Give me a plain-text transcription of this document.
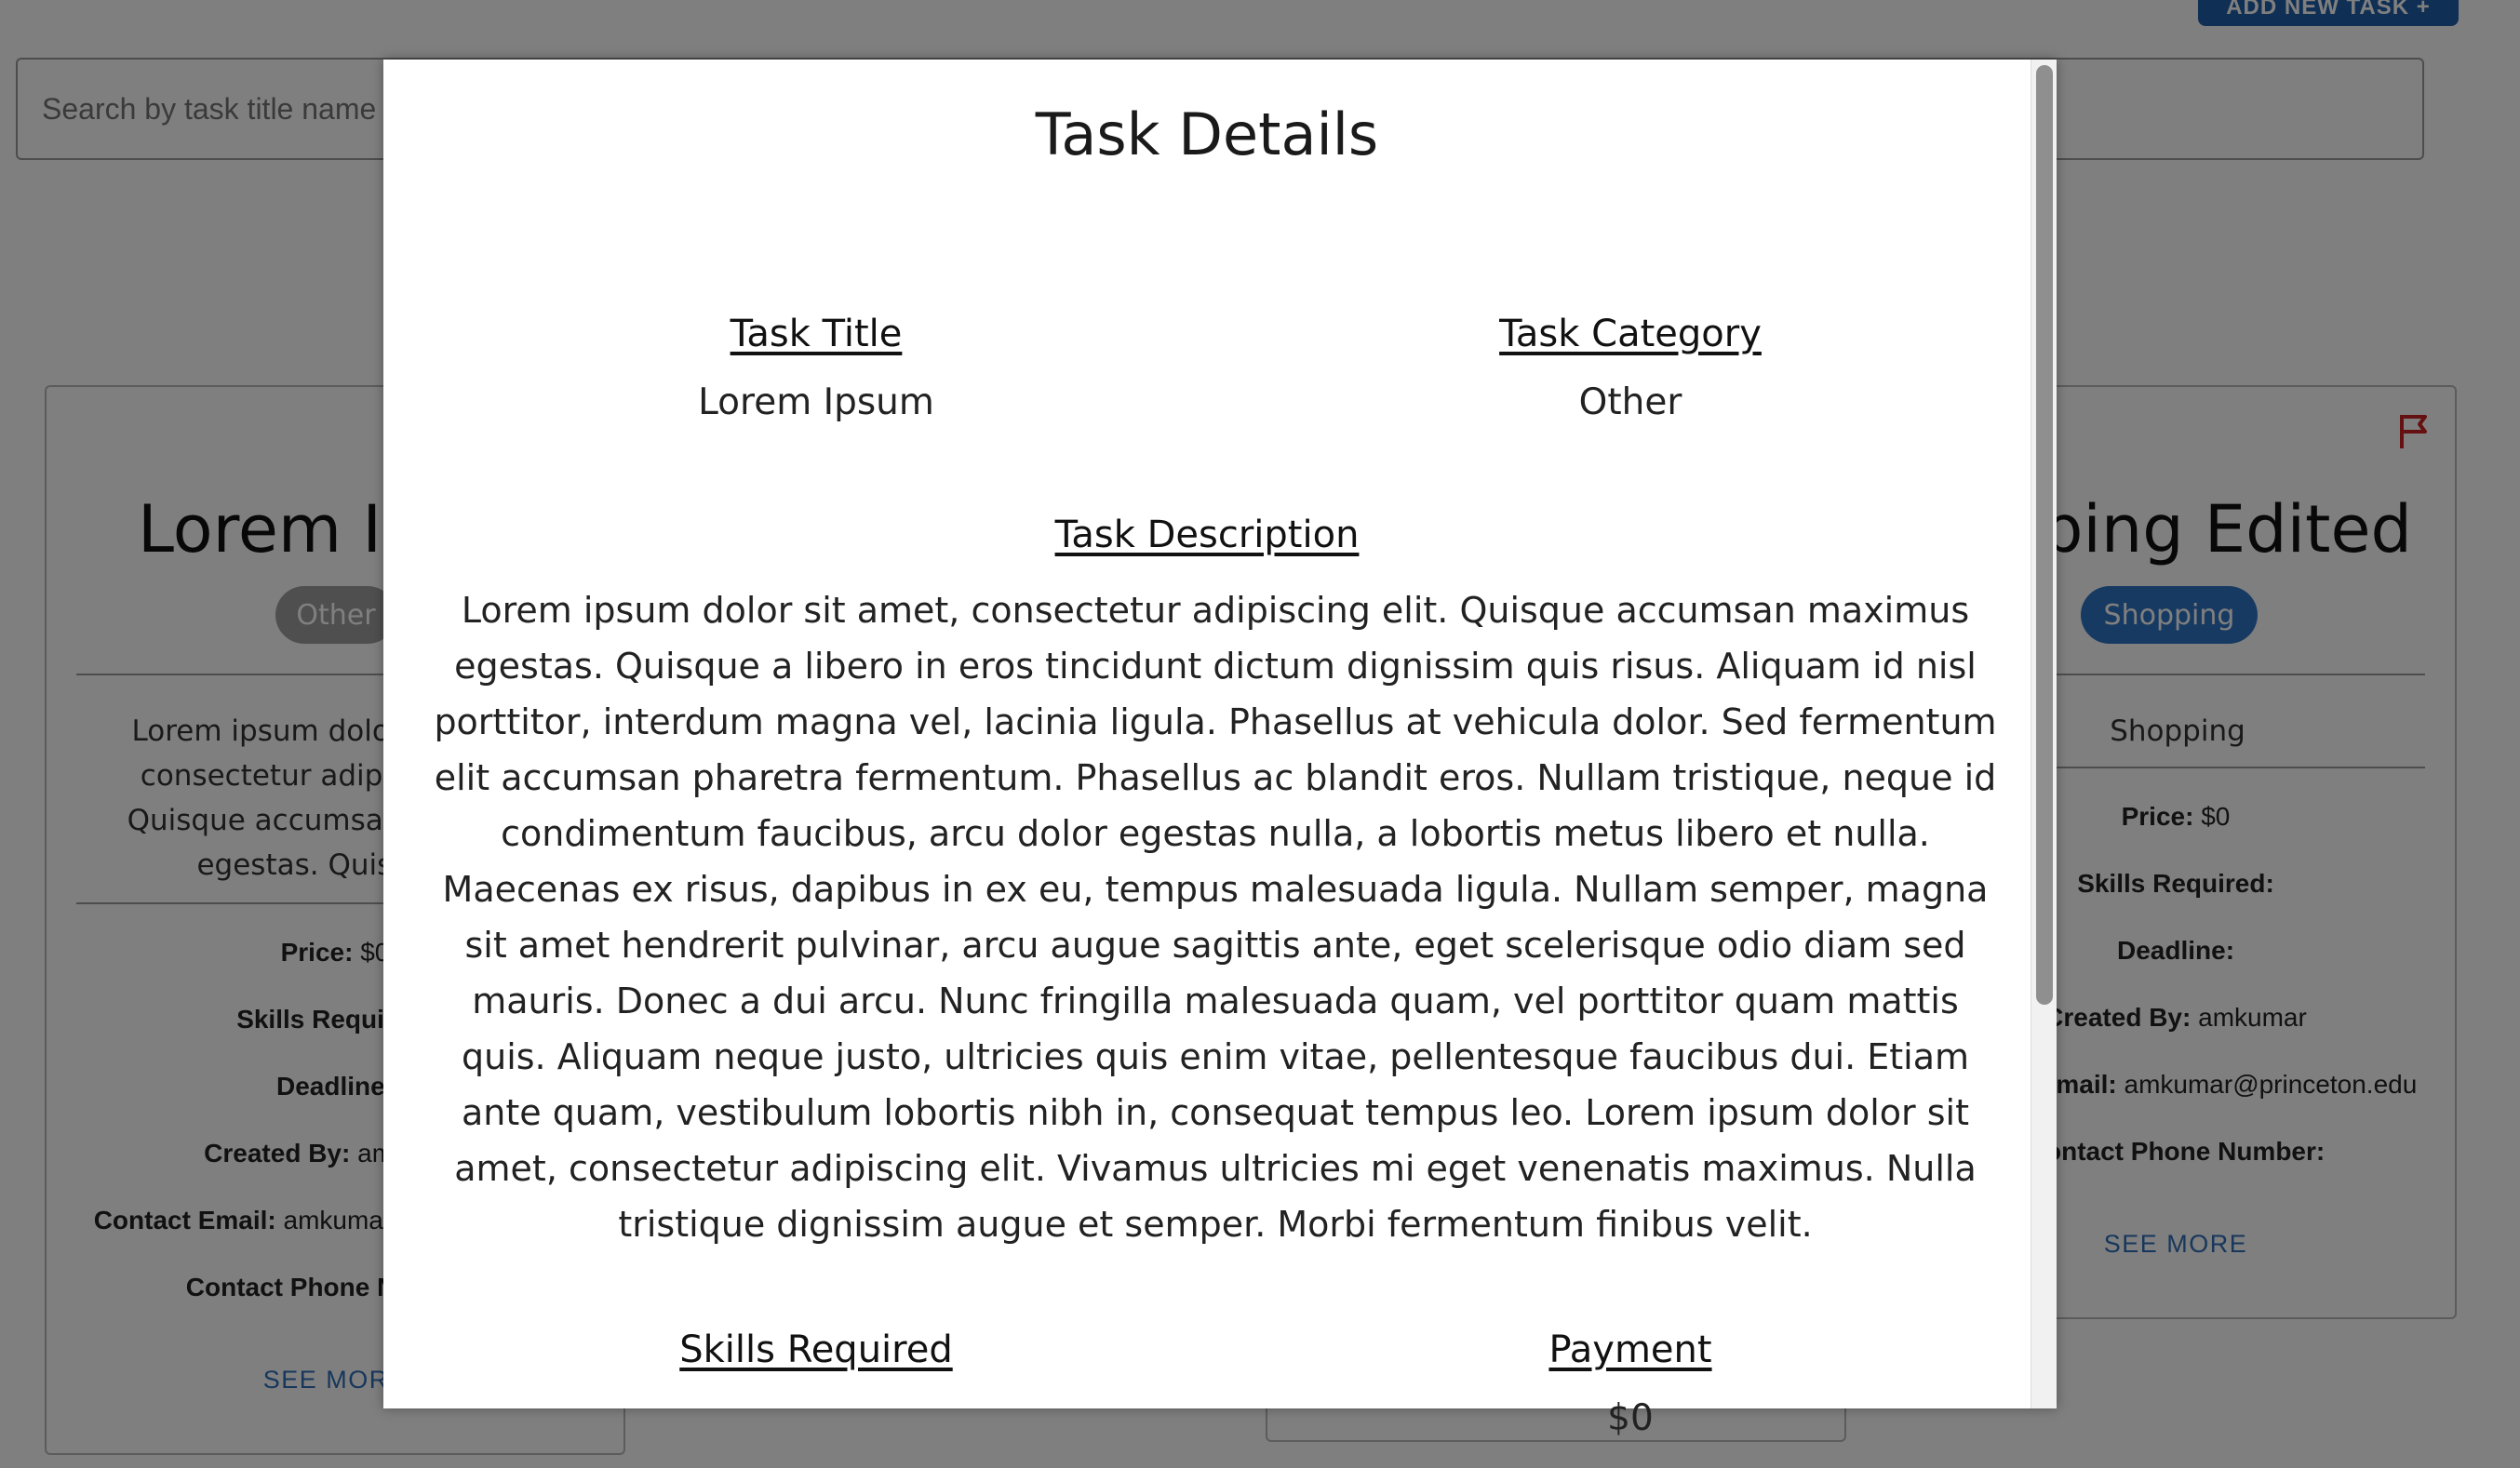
Search by task title name
Task Details
Task Title
Lorem Ipsum
Task Category
Other
Task Description

Lorem ipsum dolor sit amet, consectetur adipiscing elit. Quisque accumsan maximus egestas. Quisque a libero in eros tincidunt dictum dignissim quis risus. Aliquam id nisl porttitor, interdum magna vel, lacinia ligula. Phasellus at vehicula dolor. Sed fermentum elit accumsan pharetra fermentum. Phasellus ac blandit eros. Nullam tristique, neque id condimentum faucibus, arcu dolor egestas nulla, a lobortis metus libero et nulla. Maecenas ex risus, dapibus in ex eu, tempus malesuada ligula. Nullam semper, magna sit amet hendrerit pulvinar, arcu augue sagittis ante, eget scelerisque odio diam sed mauris. Donec a dui arcu. Nunc fringilla malesuada quam, vel porttitor quam mattis quis. Aliquam neque justo, ultricies quis enim vitae, pellentesque faucibus dui. Etiam ante quam, vestibulum lobortis nibh in, consequat tempus leo. Lorem ipsum dolor sit amet, consectetur adipiscing elit. Vivamus ultricies mi eget venenatis maximus. Nulla tristique dignissim augue et semper. Morbi fermentum finibus velit.

Skills Required	Payment
$0
